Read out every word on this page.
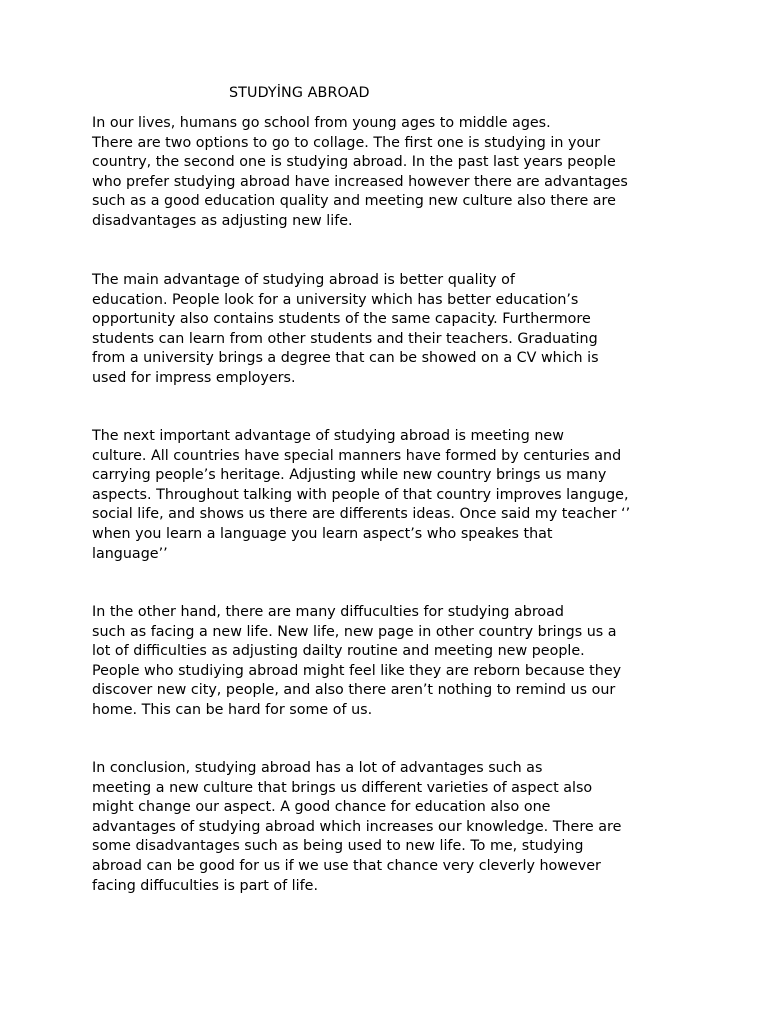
STUDYİNG ABROAD

In our lives, humans go school from young ages to middle ages.
There are two options to go to collage. The first one is studying in your
country, the second one is studying abroad. In the past last years people
who prefer studying abroad have increased however there are advantages
such as a good education quality and meeting new culture also there are
disadvantages as adjusting new life.

The main advantage of studying abroad is better quality of
education. People look for a university which has better education’s
opportunity also contains students of the same capacity. Furthermore
students can learn from other students and their teachers. Graduating
from a university brings a degree that can be showed on a CV which is
used for impress employers.

The next important advantage of studying abroad is meeting new
culture. All countries have special manners have formed by centuries and
carrying people’s heritage. Adjusting while new country brings us many
aspects. Throughout talking with people of that country improves languge,
social life, and shows us there are differents ideas. Once said my teacher ‘’
when you learn a language you learn aspect’s who speakes that
language’’

In the other hand, there are many diffuculties for studying abroad
such as facing a new life. New life, new page in other country brings us a
lot of difficulties as adjusting dailty routine and meeting new people.
People who studiying abroad might feel like they are reborn because they
discover new city, people, and also there aren’t nothing to remind us our
home. This can be hard for some of us.

In conclusion, studying abroad has a lot of advantages such as
meeting a new culture that brings us different varieties of aspect also
might change our aspect. A good chance for education also one
advantages of studying abroad which increases our knowledge. There are
some disadvantages such as being used to new life. To me, studying
abroad can be good for us if we use that chance very cleverly however
facing diffuculties is part of life.
